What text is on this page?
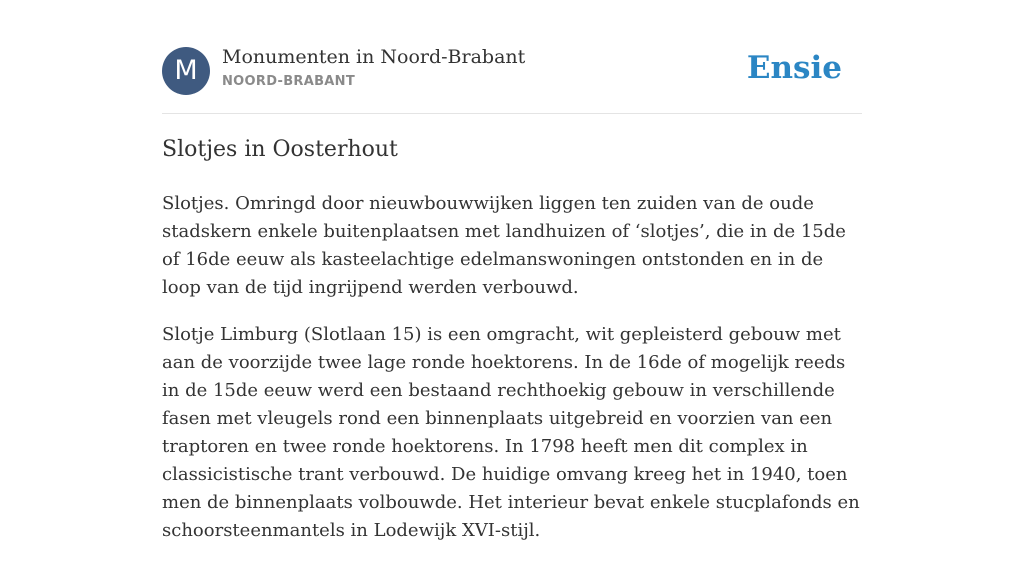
M	Monumenten in Noord-Brabant
NOORD-BRABANT	Ensie
Slotjes in Oosterhout

Slotjes. Omringd door nieuwbouwwijken liggen ten zuiden van de oude stadskern enkele buitenplaatsen met landhuizen of ‘slotjes’, die in de 15de of 16de eeuw als kasteelachtige edelmanswoningen ontstonden en in de loop van de tijd ingrijpend werden verbouwd.

Slotje Limburg (Slotlaan 15) is een omgracht, wit gepleisterd gebouw met aan de voorzijde twee lage ronde hoektorens. In de 16de of mogelijk reeds in de 15de eeuw werd een bestaand rechthoekig gebouw in verschillende fasen met vleugels rond een binnenplaats uitgebreid en voorzien van een traptoren en twee ronde hoektorens. In 1798 heeft men dit complex in classicistische trant verbouwd. De huidige omvang kreeg het in 1940, toen men de binnenplaats volbouwde. Het interieur bevat enkele stucplafonds en schoorsteenmantels in Lodewijk XVI-stijl.
